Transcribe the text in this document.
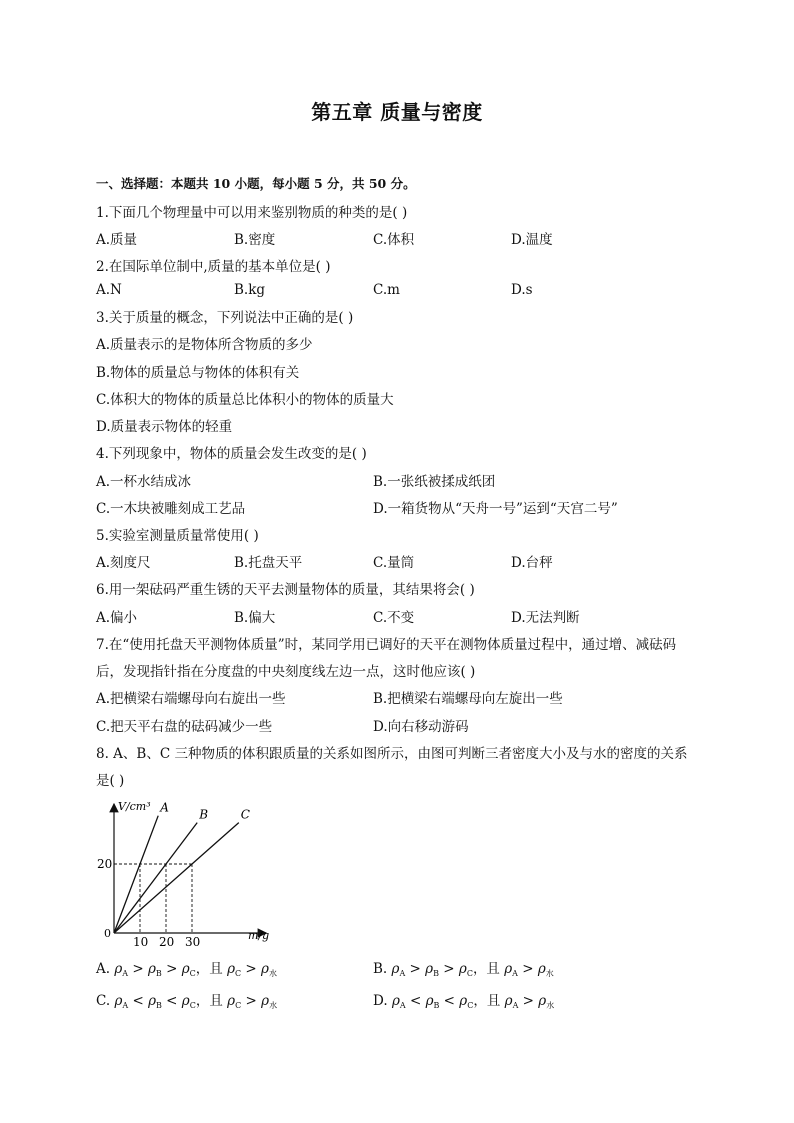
第五章 质量与密度
一、选择题：本题共 10 小题，每小题 5 分，共 50 分。
1.下面几个物理量中可以用来鉴别物质的种类的是( )
A.质量	B.密度	C.体积	D.温度
2.在国际单位制中,质量的基本单位是( )
A.N	B.kg	C.m	D.s
3.关于质量的概念，下列说法中正确的是( )
A.质量表示的是物体所含物质的多少
B.物体的质量总与物体的体积有关
C.体积大的物体的质量总比体积小的物体的质量大
D.质量表示物体的轻重
4.下列现象中，物体的质量会发生改变的是( )
A.一杯水结成冰	B.一张纸被揉成纸团
C.一木块被雕刻成工艺品	D.一箱货物从“天舟一号”运到“天宫二号”
5.实验室测量质量常使用( )
A.刻度尺	B.托盘天平	C.量筒	D.台秤
6.用一架砝码严重生锈的天平去测量物体的质量，其结果将会( )
A.偏小	B.偏大	C.不变	D.无法判断
7.在“使用托盘天平测物体质量”时，某同学用已调好的天平在测物体质量过程中，通过增、减砝码
后，发现指针指在分度盘的中央刻度线左边一点，这时他应该( )
A.把横梁右端螺母向右旋出一些	B.把横梁右端螺母向左旋出一些
C.把天平右盘的砝码减少一些	D.向右移动游码
8. A、B、C 三种物质的体积跟质量的关系如图所示，由图可判断三者密度大小及与水的密度的关系
是( )
V/cm³
m/g
0
A	B	C
10 20 30
20
A. $\rho_A > \rho_B > \rho_C$，且 $\rho_C > \rho_水$	B. $\rho_A > \rho_B > \rho_C$，且 $\rho_A > \rho_水$
C. $\rho_A < \rho_B < \rho_C$，且 $\rho_C > \rho_水$	D. $\rho_A < \rho_B < \rho_C$，且 $\rho_A > \rho_水$
